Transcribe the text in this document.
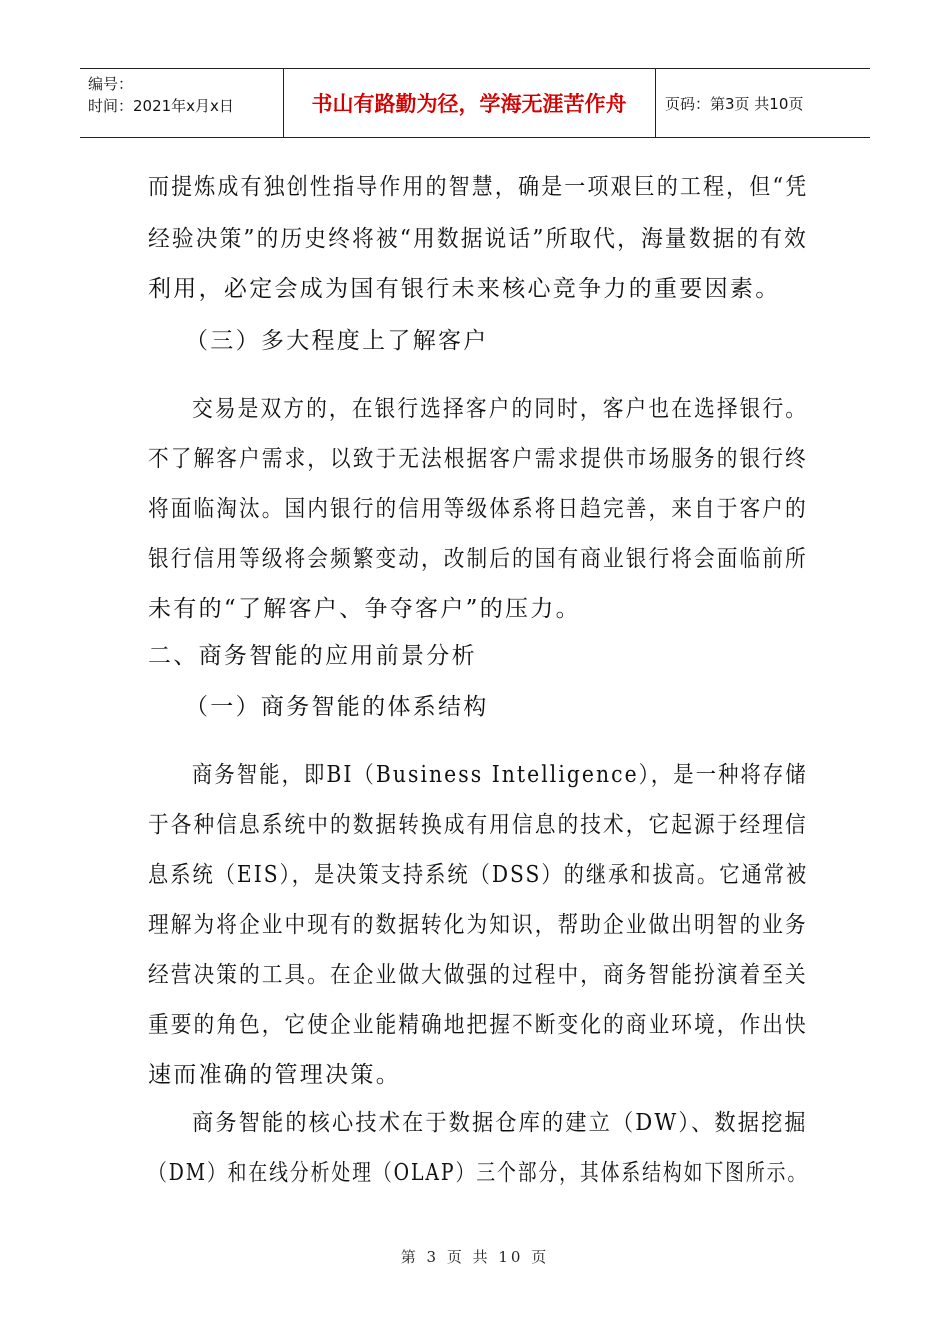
编号：
时间：2021年x月x日	书山有路勤为径，学海无涯苦作舟	页码：第3页 共10页
而提炼成有独创性指导作用的智慧，确是一项艰巨的工程，但“凭
经验决策”的历史终将被“用数据说话”所取代，海量数据的有效
利用，必定会成为国有银行未来核心竞争力的重要因素。
（三）多大程度上了解客户
交易是双方的，在银行选择客户的同时，客户也在选择银行。
不了解客户需求，以致于无法根据客户需求提供市场服务的银行终
将面临淘汰。国内银行的信用等级体系将日趋完善，来自于客户的
银行信用等级将会频繁变动，改制后的国有商业银行将会面临前所
未有的“了解客户、争夺客户”的压力。
二、商务智能的应用前景分析
（一）商务智能的体系结构
商务智能，即BI（Business Intelligence），是一种将存储
于各种信息系统中的数据转换成有用信息的技术，它起源于经理信
息系统（EIS），是决策支持系统（DSS）的继承和拔高。它通常被
理解为将企业中现有的数据转化为知识，帮助企业做出明智的业务
经营决策的工具。在企业做大做强的过程中，商务智能扮演着至关
重要的角色，它使企业能精确地把握不断变化的商业环境，作出快
速而准确的管理决策。
商务智能的核心技术在于数据仓库的建立（DW）、数据挖掘
（DM）和在线分析处理（OLAP）三个部分，其体系结构如下图所示。
第 3 页 共 10 页
